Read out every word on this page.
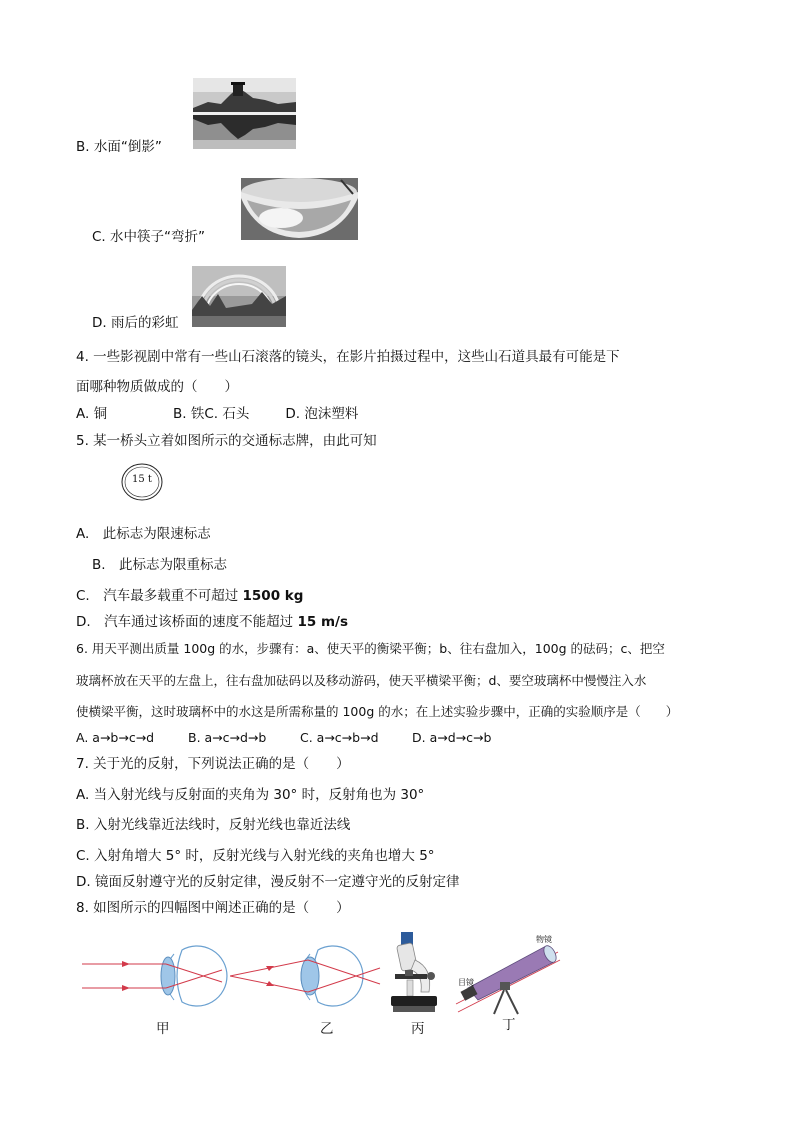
B. 水面“倒影”
C. 水中筷子“弯折”
D. 雨后的彩虹
4. 一些影视剧中常有一些山石滚落的镜头，在影片拍摄过程中，这些山石道具最有可能是下
面哪种物质做成的（　　）
A. 铜	B. 铁C. 石头	D. 泡沫塑料
5. 某一桥头立着如图所示的交通标志牌，由此可知
15 t
A.　此标志为限速标志
B.　此标志为限重标志
C.　汽车最多载重不可超过 1500 kg
D.　汽车通过该桥面的速度不能超过 15 m/s
6. 用天平测出质量 100g 的水，步骤有：a、使天平的衡梁平衡；b、往右盘加入，100g 的砝码；c、把空
玻璃杯放在天平的左盘上，往右盘加砝码以及移动游码，使天平横梁平衡；d、要空玻璃杯中慢慢注入水
使横梁平衡，这时玻璃杯中的水这是所需称量的 100g 的水；在上述实验步骤中，正确的实验顺序是（　　）
A. a→b→c→d	B. a→c→d→b	C. a→c→b→d	D. a→d→c→b
7. 关于光的反射，下列说法正确的是（　　）
A. 当入射光线与反射面的夹角为 30° 时，反射角也为 30°
B. 入射光线靠近法线时，反射光线也靠近法线
C. 入射角增大 5° 时，反射光线与入射光线的夹角也增大 5°
D. 镜面反射遵守光的反射定律，漫反射不一定遵守光的反射定律
8. 如图所示的四幅图中阐述正确的是（　　）
甲	乙	丙
物镜
目镜
丁
